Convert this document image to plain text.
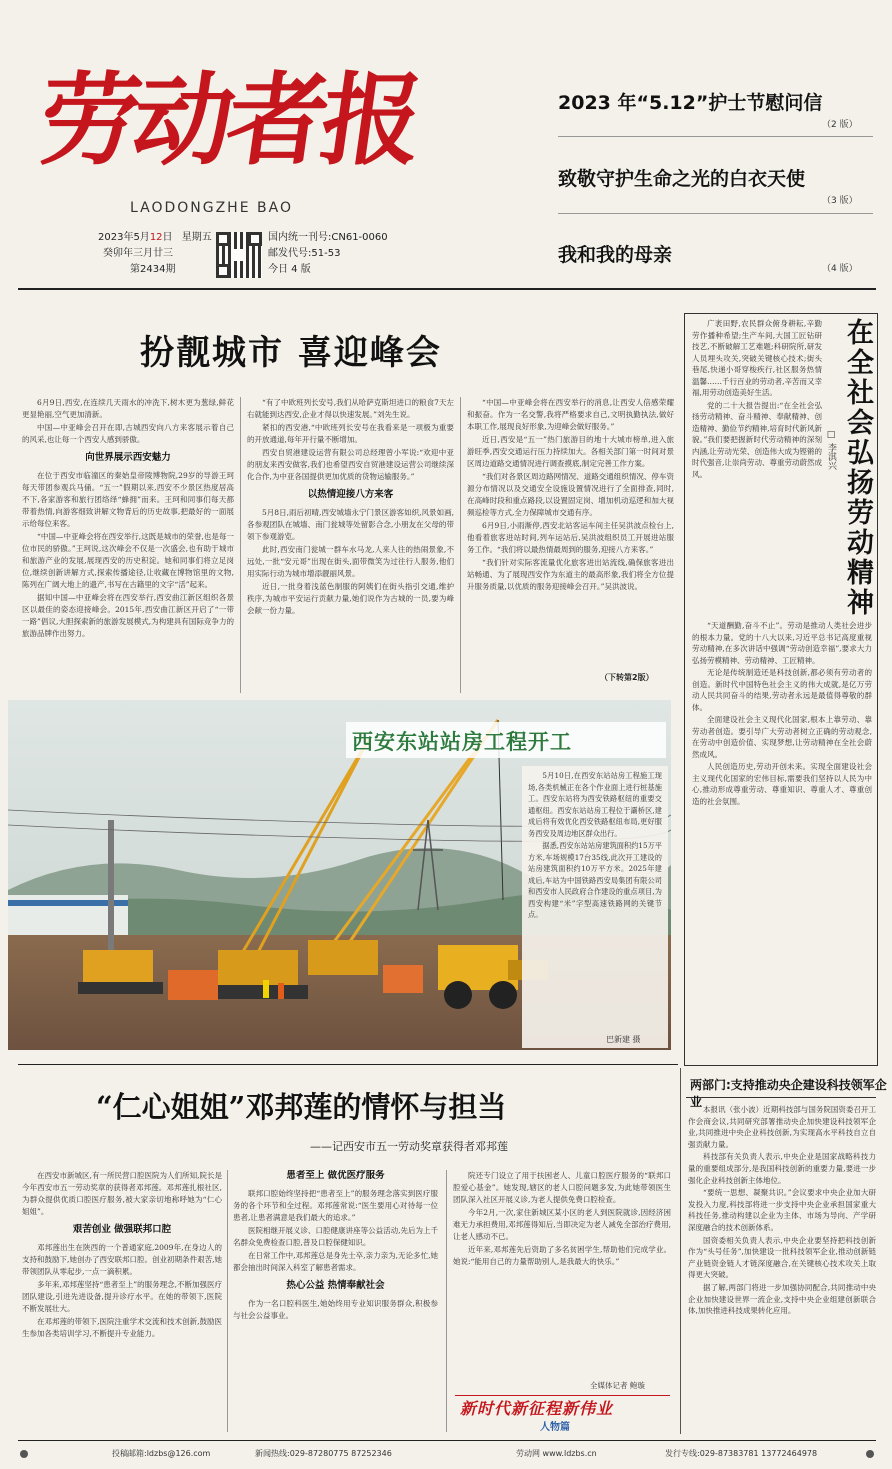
劳动者报
LAODONGZHE BAO
2023年5月12日 星期五
癸卯年三月廿三
第2434期
国内统一刊号:CN61-0060
邮发代号:51-53
今日 4 版
2023 年“5.12”护士节慰问信
（2 版）
致敬守护生命之光的白衣天使
（3 版）
我和我的母亲
（4 版）
扮靓城市 喜迎峰会

6月9日,西安,在连续几天雨水的冲洗下,树木更为葱绿,鲜花更显艳丽,空气更加清新。

中国—中亚峰会召开在即,古城西安向八方来客展示着自己的风采,也让每一个西安人感到骄傲。

向世界展示西安魅力

在位于西安市临潼区的秦始皇帝陵博物院,29岁的导游王珂每天带团参观兵马俑。“五一”假期以来,西安不少景区热度居高不下,各家游客和旅行团络绎“蜂拥”而来。王珂和同事们每天都带着热情,向游客细致讲解文物背后的历史故事,把最好的一面展示给每位来客。

“中国—中亚峰会将在西安举行,这既是城市的荣誉,也是每一位市民的骄傲。”王珂说,这次峰会不仅是一次盛会,也有助于城市和旅游产业的发展,展现西安的历史积淀。她和同事们将立足岗位,继续创新讲解方式,探索传播途径,让收藏在博物馆里的文物,陈列在广阔大地上的遗产,书写在古籍里的文字“活”起来。

据知中国—中亚峰会将在西安举行,西安曲江新区组织各景区以最佳的姿态迎接峰会。2015年,西安曲江新区开启了“一带一路”倡议,大胆探索新的旅游发展模式,为构建具有国际竞争力的旅游品牌作出努力。

“有了中欧班列长安号,我们从哈萨克斯坦进口的粮食7天左右就能到达西安,企业才得以快速发展。”刘先生说。

紧扣的西安港,“中欧班列长安号在我看来是一项极为重要的开放通道,每年开行量不断增加。

西安自贸港建设运营有限公司总经理曾小军说:“欢迎中亚的朋友来西安做客,我们也希望西安自贸港建设运营公司继续深化合作,为中亚各国提供更加优质的货物运输服务。”

以热情迎接八方来客

5月8日,雨后初晴,西安城墙永宁门景区游客如织,风景如画,各参观团队在城墙、南门瓮城等处留影合念,小朋友在父母的带领下参观游览。

此时,西安南门瓮城一群车水马龙,人来人往的热闹景象,不远处,一批“安元哥”出现在街头,面带微笑为过往行人服务,他们用实际行动为城市增添靓丽风景。

近日,一批身着浅蓝色制服的阿姨们在街头指引交通,维护秩序,为城市平安运行贡献力量,她们说作为古城的一员,要为峰会献一份力量。

“中国—中亚峰会将在西安举行的消息,让西安人倍感荣耀和振奋。作为一名交警,我将严格要求自己,文明执勤执法,做好本职工作,展现良好形象,为迎峰会做好服务。”

近日,西安是“五一”热门旅游目的地十大城市榜单,进入旅游旺季,西安交通运行压力持续加大。各相关部门第一时间对景区周边道路交通情况进行调查摸底,制定完善工作方案。

“我们对各景区周边路网情况、道路交通组织情况、停车资源分布情况以及交通安全设施设置情况进行了全面排查,同时,在高峰时段和重点路段,以设置固定岗、增加机动巡逻和加大视频巡检等方式,全力保障城市交通有序。

6月9日,小雨渐停,西安北站客运车间主任吴洪波点检台上,他看着旅客进站时间,列车运站后,吴洪波组织员工开展进站服务工作。“我们将以最热情最周到的服务,迎接八方来客。”

“我们针对实际客流量优化旅客进出站流线,确保旅客进出站畅通、为了展现西安作为东道主的最高形象,我们将全方位提升服务质量,以优质的服务迎接峰会召开。”吴洪波说。

（下转第2版）
在全社会弘扬劳动精神
□ 李淇兴

广袤田野,农民群众俯身耕耘,辛勤劳作播种希望;生产车间,大国工匠钻研技艺,不断破解工艺难题;科研院所,研发人员埋头攻关,突破关键核心技术;街头巷尾,快递小哥穿梭疾行,社区服务热情温馨……千行百业的劳动者,辛苦而又幸福,用劳动创造美好生活。

党的二十大报告提出:“在全社会弘扬劳动精神、奋斗精神、奉献精神、创造精神、勤俭节约精神,培育时代新风新貌。”我们要把握新时代劳动精神的深刻内涵,让劳动光荣、创造伟大成为铿锵的时代强音,让崇尚劳动、尊重劳动蔚然成风。

“天道酬勤,奋斗不止”。劳动是推动人类社会进步的根本力量。党的十八大以来,习近平总书记高度重视劳动精神,在多次讲话中强调“劳动创造幸福”,要求大力弘扬劳模精神、劳动精神、工匠精神。

无论是传统制造还是科技创新,都必须有劳动者的创造。新时代中国特色社会主义的伟大成就,是亿万劳动人民共同奋斗的结果,劳动者永远是最值得尊敬的群体。

全面建设社会主义现代化国家,根本上靠劳动、靠劳动者创造。要引导广大劳动者树立正确的劳动观念,在劳动中创造价值、实现梦想,让劳动精神在全社会蔚然成风。

人民创造历史,劳动开创未来。实现全面建设社会主义现代化国家的宏伟目标,需要我们坚持以人民为中心,推动形成尊重劳动、尊重知识、尊重人才、尊重创造的社会氛围。

西安东站站房工程开工

5月10日,在西安东站站房工程施工现场,各类机械正在各个作业面上进行桩基施工。西安东站将为西安铁路枢纽的重要交通枢纽。西安东站站房工程位于灞桥区,建成后将有效优化西安铁路枢纽布局,更好服务西安及周边地区群众出行。

据悉,西安东站站房建筑面积约15万平方米,车场规模17台35线,此次开工建设的站房建筑面积约10万平方米。2025年建成后,车站为中国铁路西安局集团有限公司和西安市人民政府合作建设的重点项目,为西安构建“米”字型高速铁路网的关键节点。

巴新建 摄
两部门:支持推动央企建设科技领军企业

本报讯（张小波）近期科技部与国务院国资委召开工作会商会议,共同研究部署推动央企加快建设科技领军企业,共同推进中央企业科技创新,为实现高水平科技自立自强贡献力量。

科技部有关负责人表示,中央企业是国家战略科技力量的重要组成部分,是我国科技创新的重要力量,要进一步强化企业科技创新主体地位。

“要统一思想、凝聚共识。”会议要求中央企业加大研发投入力度,科技部将进一步支持中央企业承担国家重大科技任务,推动构建以企业为主体、市场为导向、产学研深度融合的技术创新体系。

国资委相关负责人表示,中央企业要坚持把科技创新作为“头号任务”,加快建设一批科技领军企业,推动创新链产业链资金链人才链深度融合,在关键核心技术攻关上取得更大突破。

据了解,两部门将进一步加强协同配合,共同推动中央企业加快建设世界一流企业,支持中央企业组建创新联合体,加快推进科技成果转化应用。

“仁心姐姐”邓邦莲的情怀与担当
——记西安市五一劳动奖章获得者邓邦莲

在西安市新城区,有一所民营口腔医院为人们所知,院长是今年西安市五一劳动奖章的获得者邓邦莲。邓邦莲扎根社区,为群众提供优质口腔医疗服务,被大家亲切地称呼她为“仁心姐姐”。

艰苦创业 做强联邦口腔

邓邦莲出生在陕西的一个普通家庭,2009年,在身边人的支持和鼓励下,她创办了西安联邦口腔。创业初期条件艰苦,她带领团队从零起步,一点一滴积累。

多年来,邓邦莲坚持“患者至上”的服务理念,不断加强医疗团队建设,引进先进设备,提升诊疗水平。在她的带领下,医院不断发展壮大。

在邓邦莲的带领下,医院注重学术交流和技术创新,鼓励医生参加各类培训学习,不断提升专业能力。

患者至上 做优医疗服务

联邦口腔始终坚持把“患者至上”的服务理念落实到医疗服务的各个环节和全过程。邓邦莲常说:“医生要用心对待每一位患者,让患者满意是我们最大的追求。”

医院相继开展义诊、口腔健康讲座等公益活动,先后为上千名群众免费检查口腔,普及口腔保健知识。

在日常工作中,邓邦莲总是身先士卒,亲力亲为,无论多忙,她都会抽出时间深入科室了解患者需求。

热心公益 热情奉献社会

作为一名口腔科医生,她始终用专业知识服务群众,积极参与社会公益事业。

院还专门设立了用于扶困老人、儿童口腔医疗服务的“联邦口腔爱心基金”。她发现,辖区的老人口腔问题多发,为此她带领医生团队深入社区开展义诊,为老人提供免费口腔检查。

今年2月,一次,家住新城区某小区的老人到医院就诊,因经济困难无力承担费用,邓邦莲得知后,当即决定为老人减免全部治疗费用,让老人感动不已。

近年来,邓邦莲先后资助了多名贫困学生,帮助他们完成学业。她说:“能用自己的力量帮助别人,是我最大的快乐。”

全媒体记者 鲍璇
新时代新征程新伟业
人物篇
投稿邮箱:ldzbs@126.com	新闻热线:029-87280775 87252346	劳动网 www.ldzbs.cn	发行专线:029-87383781 13772464978
